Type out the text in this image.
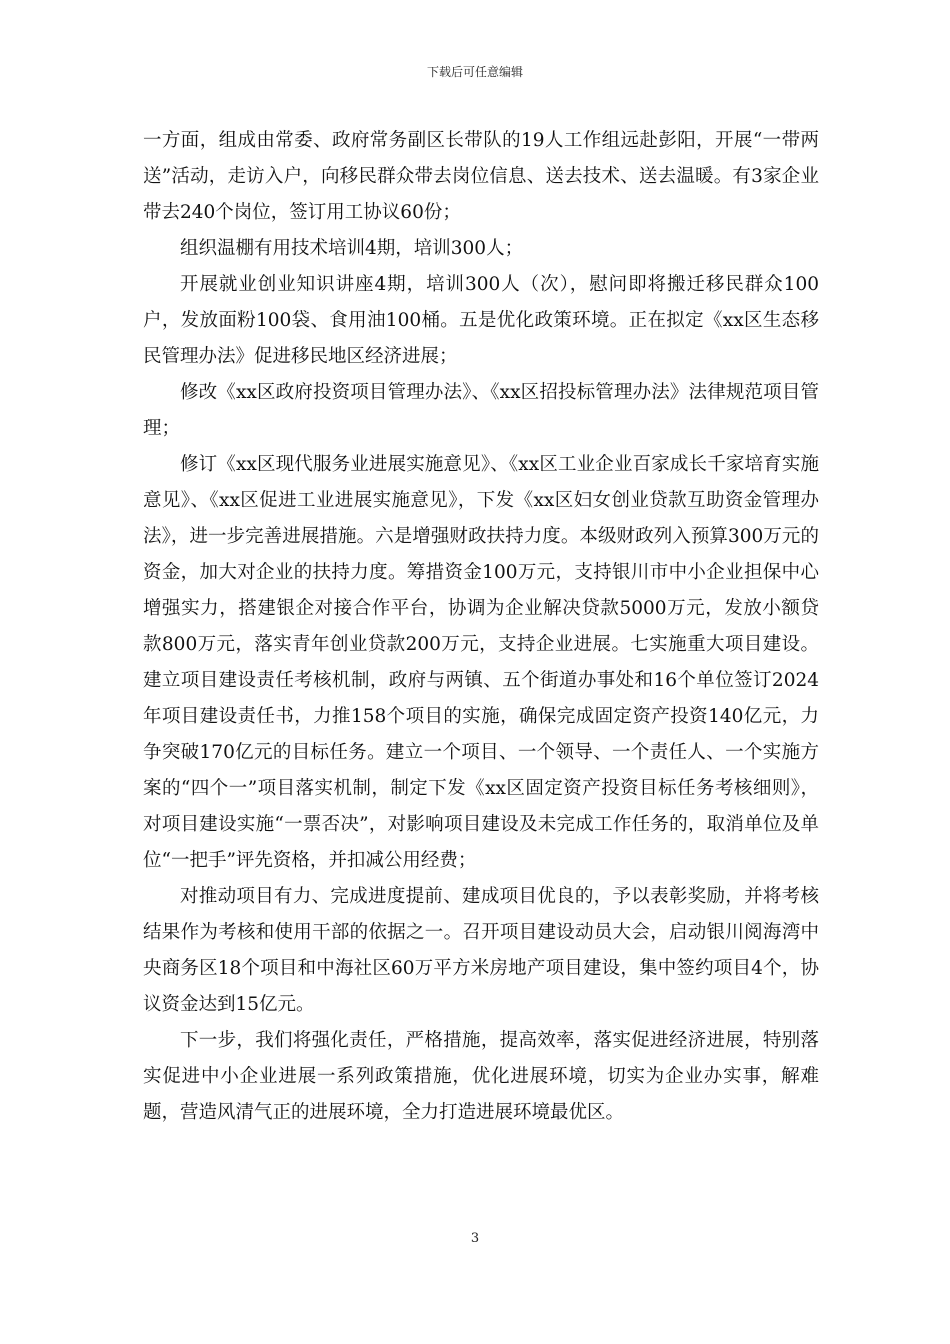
下载后可任意编辑

一方面，组成由常委、政府常务副区长带队的19人工作组远赴彭阳，开展“一带两送”活动，走访入户，向移民群众带去岗位信息、送去技术、送去温暖。有3家企业带去240个岗位，签订用工协议60份；

组织温棚有用技术培训4期，培训300人；

开展就业创业知识讲座4期，培训300人（次），慰问即将搬迁移民群众100户，发放面粉100袋、食用油100桶。五是优化政策环境。正在拟定《xx区生态移民管理办法》促进移民地区经济进展；

修改《xx区政府投资项目管理办法》、《xx区招投标管理办法》法律规范项目管理；

修订《xx区现代服务业进展实施意见》、《xx区工业企业百家成长千家培育实施意见》、《xx区促进工业进展实施意见》，下发《xx区妇女创业贷款互助资金管理办法》，进一步完善进展措施。六是增强财政扶持力度。本级财政列入预算300万元的资金，加大对企业的扶持力度。筹措资金100万元，支持银川市中小企业担保中心增强实力，搭建银企对接合作平台，协调为企业解决贷款5000万元，发放小额贷款800万元，落实青年创业贷款200万元，支持企业进展。七实施重大项目建设。建立项目建设责任考核机制，政府与两镇、五个街道办事处和16个单位签订2024年项目建设责任书，力推158个项目的实施，确保完成固定资产投资140亿元，力争突破170亿元的目标任务。建立一个项目、一个领导、一个责任人、一个实施方案的“四个一”项目落实机制，制定下发《xx区固定资产投资目标任务考核细则》，对项目建设实施“一票否决”，对影响项目建设及未完成工作任务的，取消单位及单位“一把手”评先资格，并扣减公用经费；

对推动项目有力、完成进度提前、建成项目优良的，予以表彰奖励，并将考核结果作为考核和使用干部的依据之一。召开项目建设动员大会，启动银川阅海湾中央商务区18个项目和中海社区60万平方米房地产项目建设，集中签约项目4个，协议资金达到15亿元。

下一步，我们将强化责任，严格措施，提高效率，落实促进经济进展，特别落实促进中小企业进展一系列政策措施，优化进展环境，切实为企业办实事，解难题，营造风清气正的进展环境，全力打造进展环境最优区。

3
